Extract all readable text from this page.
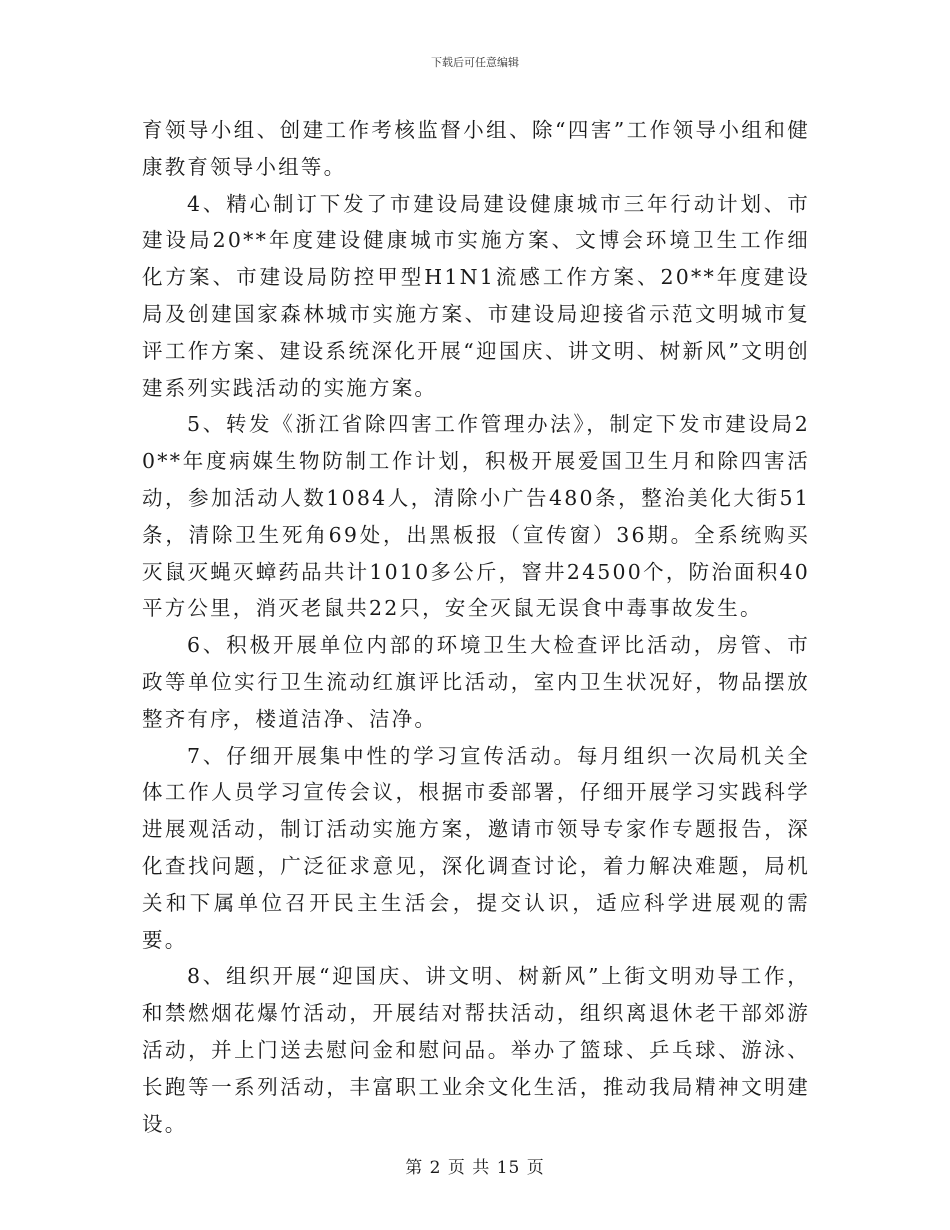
下载后可任意编辑

育领导小组、创建工作考核监督小组、除“四害”工作领导小组和健康教育领导小组等。

4、精心制订下发了市建设局建设健康城市三年行动计划、市建设局20**年度建设健康城市实施方案、文博会环境卫生工作细化方案、市建设局防控甲型H1N1流感工作方案、20**年度建设局及创建国家森林城市实施方案、市建设局迎接省示范文明城市复评工作方案、建设系统深化开展“迎国庆、讲文明、树新风”文明创建系列实践活动的实施方案。

5、转发《浙江省除四害工作管理办法》，制定下发市建设局20**年度病媒生物防制工作计划，积极开展爱国卫生月和除四害活动，参加活动人数1084人，清除小广告480条，整治美化大街51条，清除卫生死角69处，出黑板报（宣传窗）36期。全系统购买灭鼠灭蝇灭蟑药品共计1010多公斤，窨井24500个，防治面积40平方公里，消灭老鼠共22只，安全灭鼠无误食中毒事故发生。

6、积极开展单位内部的环境卫生大检查评比活动，房管、市政等单位实行卫生流动红旗评比活动，室内卫生状况好，物品摆放整齐有序，楼道洁净、洁净。

7、仔细开展集中性的学习宣传活动。每月组织一次局机关全体工作人员学习宣传会议，根据市委部署，仔细开展学习实践科学进展观活动，制订活动实施方案，邀请市领导专家作专题报告，深化查找问题，广泛征求意见，深化调查讨论，着力解决难题，局机关和下属单位召开民主生活会，提交认识，适应科学进展观的需要。

8、组织开展“迎国庆、讲文明、树新风”上街文明劝导工作，和禁燃烟花爆竹活动，开展结对帮扶活动，组织离退休老干部郊游活动，并上门送去慰问金和慰问品。举办了篮球、乒乓球、游泳、长跑等一系列活动，丰富职工业余文化生活，推动我局精神文明建设。

第 2 页 共 15 页
